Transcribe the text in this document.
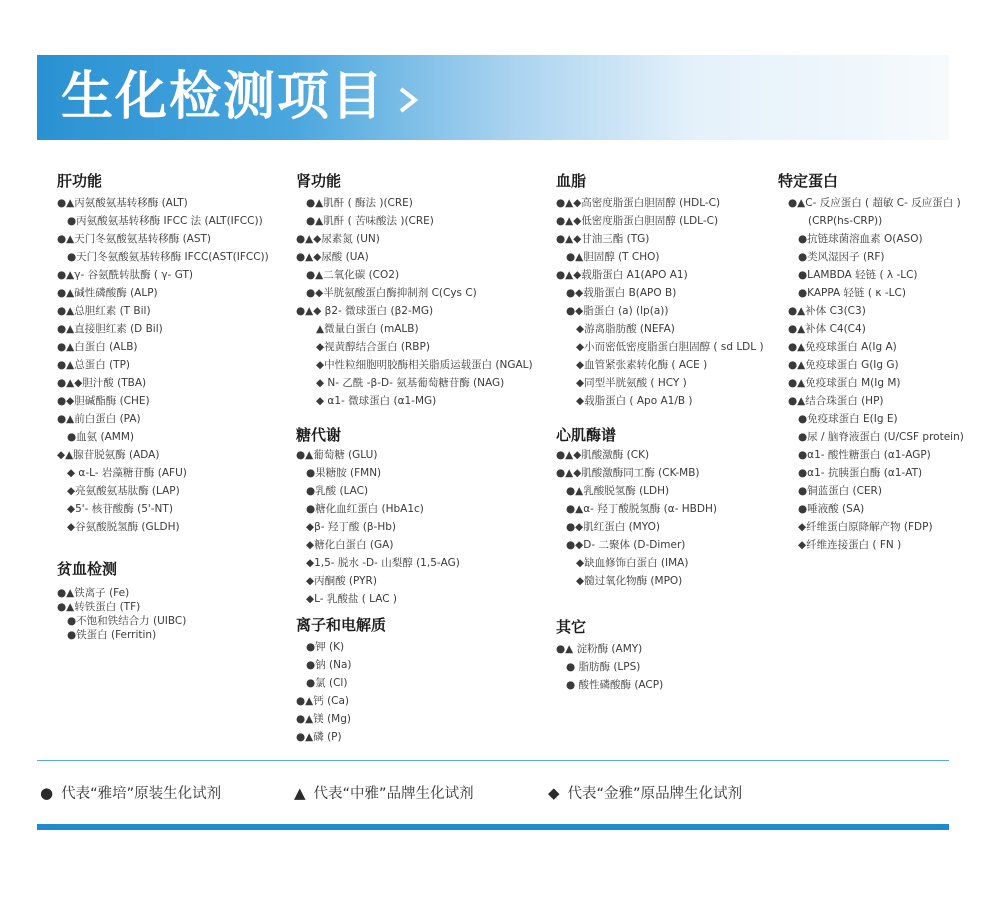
生化检测项目
肝功能
●▲丙氨酸氨基转移酶 (ALT)
●丙氨酸氨基转移酶 IFCC 法 (ALT(IFCC))
●▲天门冬氨酸氨基转移酶 (AST)
●天门冬氨酸氨基转移酶 IFCC(AST(IFCC))
●▲γ- 谷氨酰转肽酶 ( γ- GT)
●▲碱性磷酸酶 (ALP)
●▲总胆红素 (T Bil)
●▲直接胆红素 (D Bil)
●▲白蛋白 (ALB)
●▲总蛋白 (TP)
●▲◆胆汁酸 (TBA)
●◆胆碱酯酶 (CHE)
●▲前白蛋白 (PA)
●血氨 (AMM)
◆▲腺苷脱氨酶 (ADA)
◆ α-L- 岩藻糖苷酶 (AFU)
◆亮氨酸氨基肽酶 (LAP)
◆5'- 核苷酸酶 (5'-NT)
◆谷氨酸脱氢酶 (GLDH)
贫血检测
●▲铁离子 (Fe)
●▲转铁蛋白 (TF)
●不饱和铁结合力 (UIBC)
●铁蛋白 (Ferritin)
肾功能
●▲肌酐 ( 酶法 )(CRE)
●▲肌酐 ( 苦味酸法 )(CRE)
●▲◆尿素氮 (UN)
●▲◆尿酸 (UA)
●▲二氧化碳 (CO2)
●◆半胱氨酸蛋白酶抑制剂 C(Cys C)
●▲◆ β2- 微球蛋白 (β2-MG)
▲微量白蛋白 (mALB)
◆视黄醇结合蛋白 (RBP)
◆中性粒细胞明胶酶相关脂质运载蛋白 (NGAL)
◆ N- 乙酰 -β-D- 氨基葡萄糖苷酶 (NAG)
◆ α1- 微球蛋白 (α1-MG)
糖代谢
●▲葡萄糖 (GLU)
●果糖胺 (FMN)
●乳酸 (LAC)
●糖化血红蛋白 (HbA1c)
◆β- 羟丁酸 (β-Hb)
◆糖化白蛋白 (GA)
◆1,5- 脱水 -D- 山梨醇 (1,5-AG)
◆丙酮酸 (PYR)
◆L- 乳酸盐 ( LAC )
离子和电解质
●钾 (K)
●钠 (Na)
●氯 (Cl)
●▲钙 (Ca)
●▲镁 (Mg)
●▲磷 (P)
血脂
●▲◆高密度脂蛋白胆固醇 (HDL-C)
●▲◆低密度脂蛋白胆固醇 (LDL-C)
●▲◆甘油三酯 (TG)
●▲胆固醇 (T CHO)
●▲◆载脂蛋白 A1(APO A1)
●◆载脂蛋白 B(APO B)
●◆脂蛋白 (a) (lp(a))
◆游离脂肪酸 (NEFA)
◆小而密低密度脂蛋白胆固醇 ( sd LDL )
◆血管紧张素转化酶 ( ACE )
◆同型半胱氨酸 ( HCY )
◆载脂蛋白 ( Apo A1/B )
心肌酶谱
●▲◆肌酸激酶 (CK)
●▲◆肌酸激酶同工酶 (CK-MB)
●▲乳酸脱氢酶 (LDH)
●▲α- 羟丁酸脱氢酶 (α- HBDH)
●◆肌红蛋白 (MYO)
●◆D- 二聚体 (D-Dimer)
◆缺血修饰白蛋白 (IMA)
◆髓过氧化物酶 (MPO)
其它
●▲ 淀粉酶 (AMY)
● 脂肪酶 (LPS)
● 酸性磷酸酶 (ACP)
特定蛋白
●▲C- 反应蛋白 ( 超敏 C- 反应蛋白 )
(CRP(hs-CRP))
●抗链球菌溶血素 O(ASO)
●类风湿因子 (RF)
●LAMBDA 轻链 ( λ -LC)
●KAPPA 轻链 ( κ -LC)
●▲补体 C3(C3)
●▲补体 C4(C4)
●▲免疫球蛋白 A(Ig A)
●▲免疫球蛋白 G(Ig G)
●▲免疫球蛋白 M(Ig M)
●▲结合珠蛋白 (HP)
●免疫球蛋白 E(Ig E)
●尿 / 脑脊液蛋白 (U/CSF protein)
●α1- 酸性糖蛋白 (α1-AGP)
●α1- 抗胰蛋白酶 (α1-AT)
●铜蓝蛋白 (CER)
●唾液酸 (SA)
◆纤维蛋白原降解产物 (FDP)
◆纤维连接蛋白 ( FN )
● 代表“雅培”原装生化试剂	▲ 代表“中雅”品牌生化试剂	◆ 代表“金雅”原品牌生化试剂
